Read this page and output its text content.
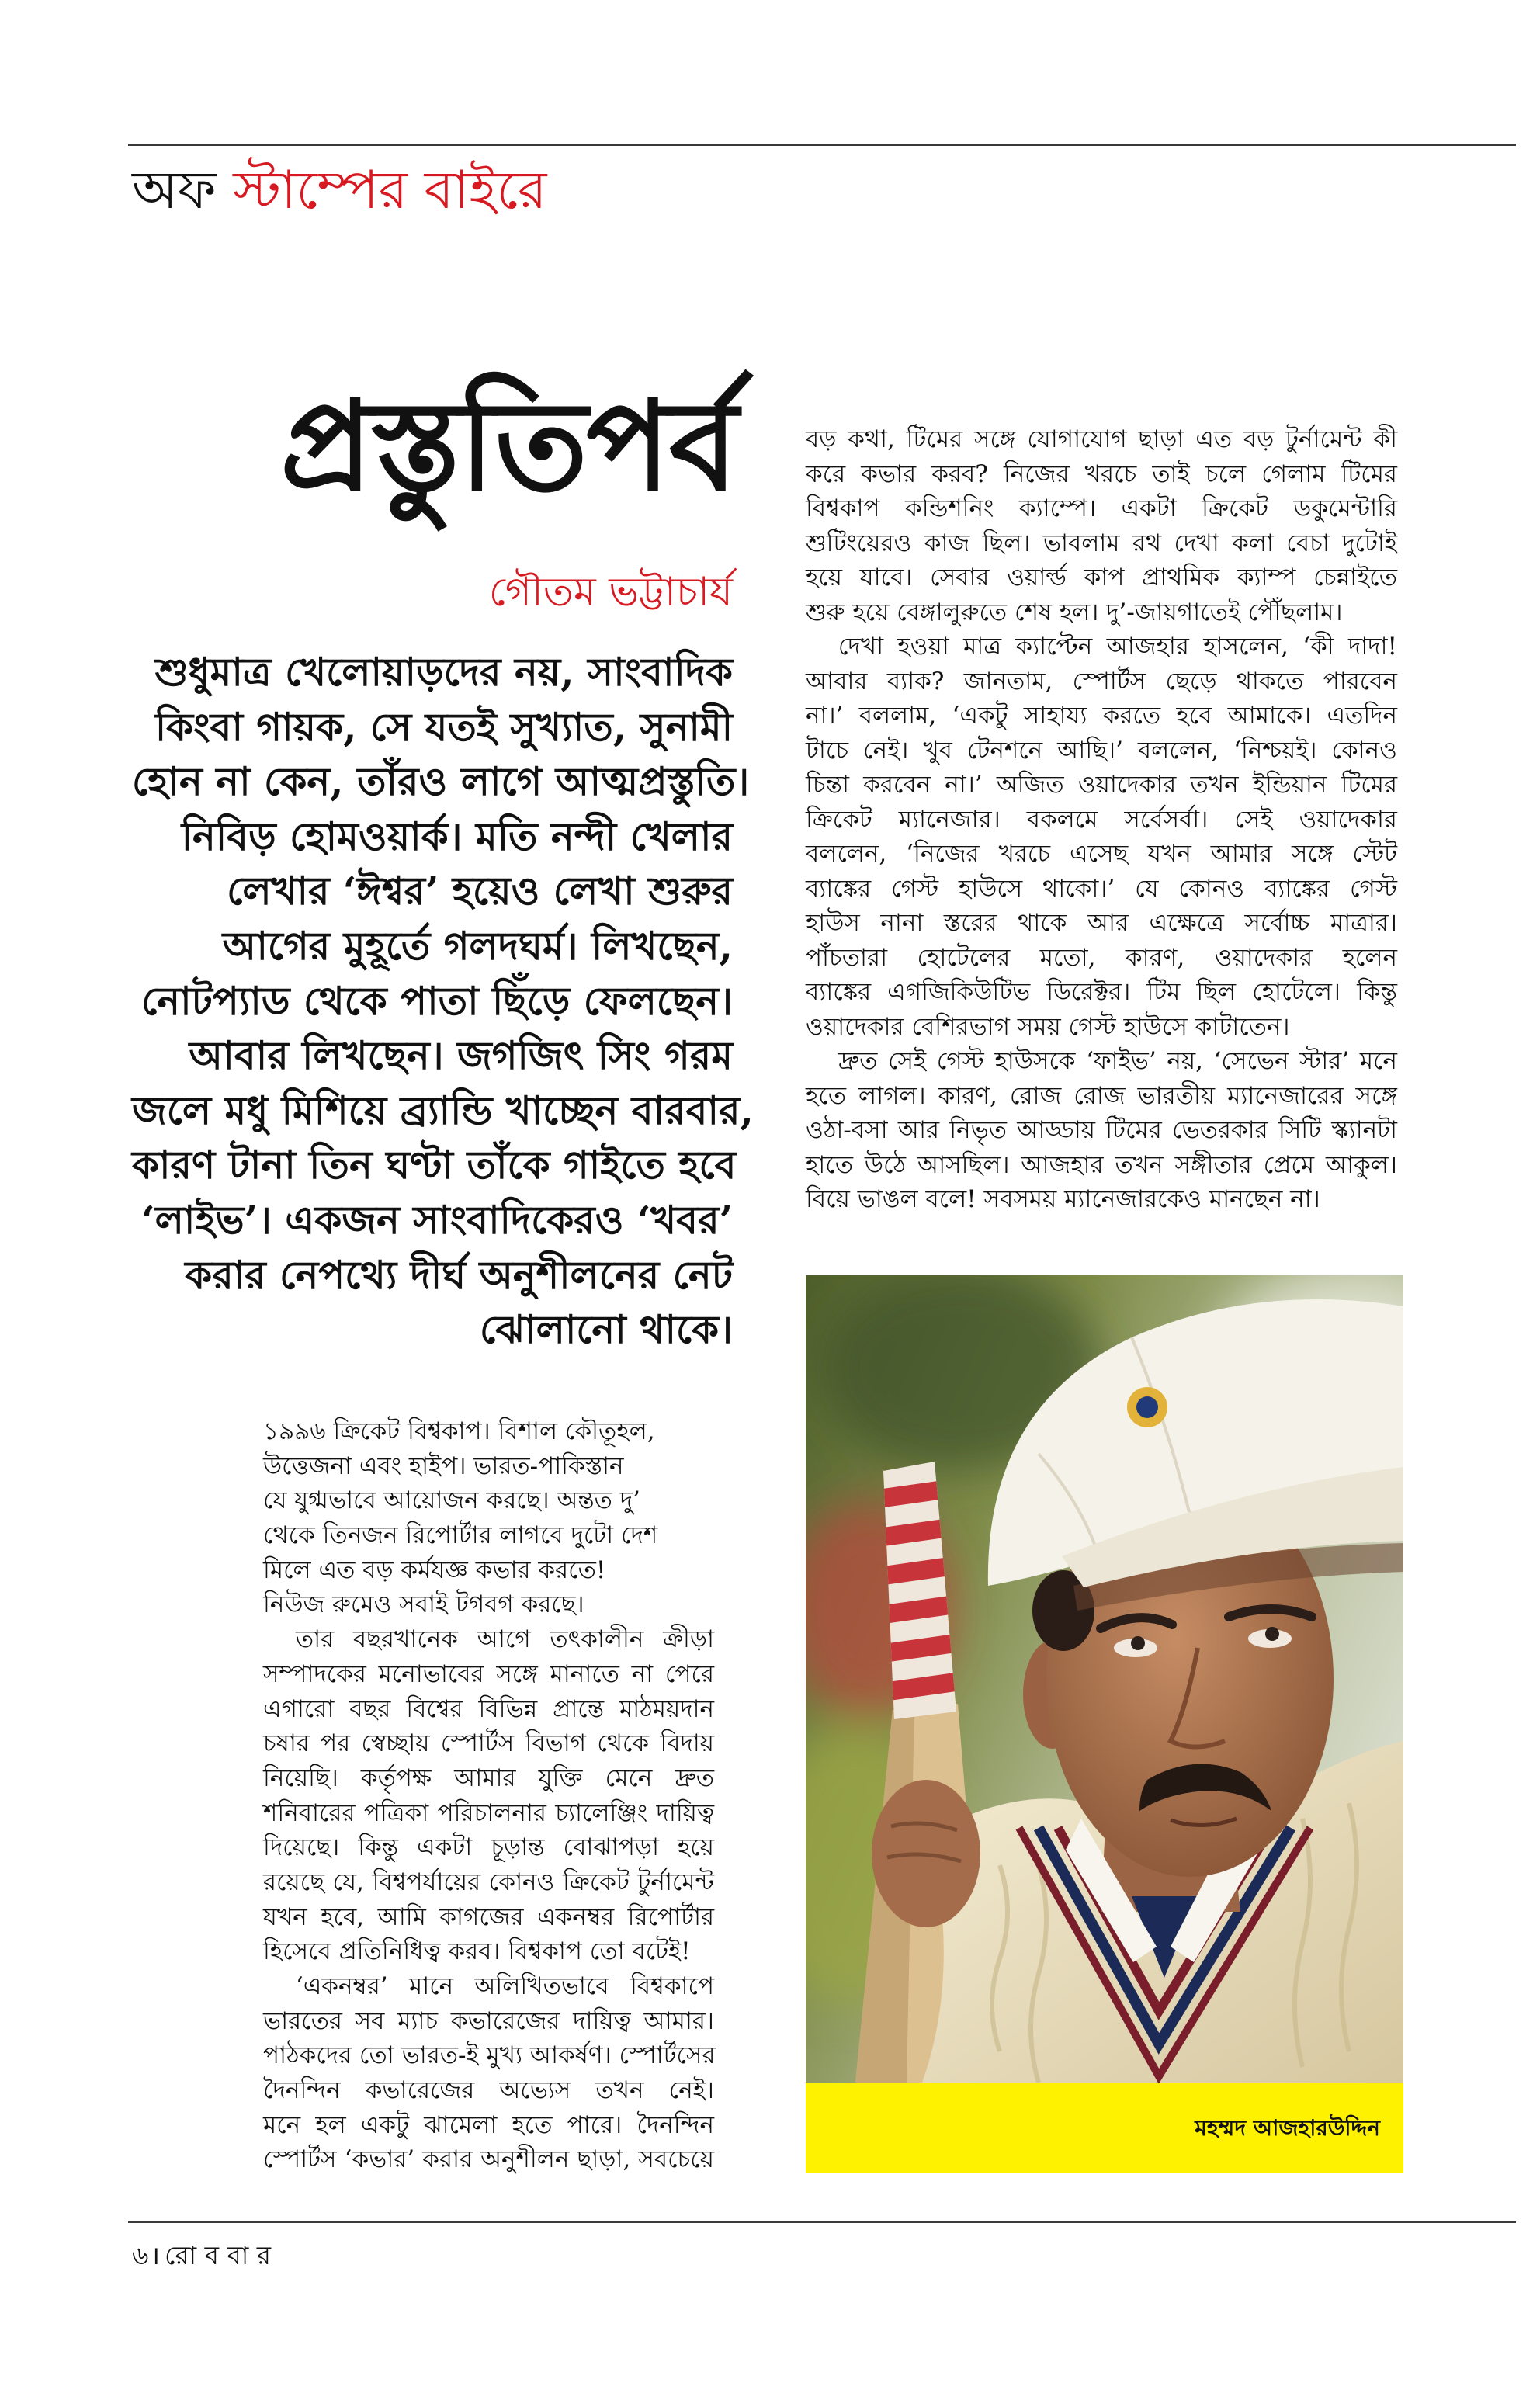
অফ স্টাম্পের বাইরে
প্রস্তুতিপর্ব
গৌতম ভট্টাচার্য
শুধুমাত্র খেলোয়াড়দের নয়, সাংবাদিক
কিংবা গায়ক, সে যতই সুখ্যাত, সুনামী
হোন না কেন, তাঁরও লাগে আত্মপ্রস্তুতি।
নিবিড় হোমওয়ার্ক। মতি নন্দী খেলার
লেখার ‘ঈশ্বর’ হয়েও লেখা শুরুর
আগের মুহূর্তে গলদঘর্ম। লিখছেন,
নোটপ্যাড থেকে পাতা ছিঁড়ে ফেলছেন।
আবার লিখছেন। জগজিৎ সিং গরম
জলে মধু মিশিয়ে ব্র্যান্ডি খাচ্ছেন বারবার,
কারণ টানা তিন ঘণ্টা তাঁকে গাইতে হবে
‘লাইভ’। একজন সাংবাদিকেরও ‘খবর’
করার নেপথ্যে দীর্ঘ অনুশীলনের নেট
ঝোলানো থাকে।
১৯৯৬ ক্রিকেট বিশ্বকাপ। বিশাল কৌতূহল,
উত্তেজনা এবং হাইপ। ভারত-পাকিস্তান
যে যুগ্মভাবে আয়োজন করছে। অন্তত দু’
থেকে তিনজন রিপোর্টার লাগবে দুটো দেশ
মিলে এত বড় কর্মযজ্ঞ কভার করতে!
নিউজ রুমেও সবাই টগবগ করছে।
তার বছরখানেক আগে তৎকালীন ক্রীড়া
সম্পাদকের মনোভাবের সঙ্গে মানাতে না পেরে
এগারো বছর বিশ্বের বিভিন্ন প্রান্তে মাঠময়দান
চষার পর স্বেচ্ছায় স্পোর্টস বিভাগ থেকে বিদায়
নিয়েছি। কর্তৃপক্ষ আমার যুক্তি মেনে দ্রুত
শনিবারের পত্রিকা পরিচালনার চ্যালেঞ্জিং দায়িত্ব
দিয়েছে। কিন্তু একটা চূড়ান্ত বোঝাপড়া হয়ে
রয়েছে যে, বিশ্বপর্যায়ের কোনও ক্রিকেট টুর্নামেন্ট
যখন হবে, আমি কাগজের একনম্বর রিপোর্টার
হিসেবে প্রতিনিধিত্ব করব। বিশ্বকাপ তো বটেই!
‘একনম্বর’ মানে অলিখিতভাবে বিশ্বকাপে
ভারতের সব ম্যাচ কভারেজের দায়িত্ব আমার।
পাঠকদের তো ভারত-ই মুখ্য আকর্ষণ। স্পোর্টসের
দৈনন্দিন কভারেজের অভ্যেস তখন নেই।
মনে হল একটু ঝামেলা হতে পারে। দৈনন্দিন
স্পোর্টস ‘কভার’ করার অনুশীলন ছাড়া, সবচেয়ে
বড় কথা, টিমের সঙ্গে যোগাযোগ ছাড়া এত বড় টুর্নামেন্ট কী
করে কভার করব? নিজের খরচে তাই চলে গেলাম টিমের
বিশ্বকাপ কন্ডিশনিং ক্যাম্পে। একটা ক্রিকেট ডকুমেন্টারি
শুটিংয়েরও কাজ ছিল। ভাবলাম রথ দেখা কলা বেচা দুটোই
হয়ে যাবে। সেবার ওয়ার্ল্ড কাপ প্রাথমিক ক্যাম্প চেন্নাইতে
শুরু হয়ে বেঙ্গালুরুতে শেষ হল। দু’-জায়গাতেই পৌঁছলাম।
দেখা হওয়া মাত্র ক্যাপ্টেন আজহার হাসলেন, ‘কী দাদা!
আবার ব্যাক? জানতাম, স্পোর্টস ছেড়ে থাকতে পারবেন
না।’ বললাম, ‘একটু সাহায্য করতে হবে আমাকে। এতদিন
টাচে নেই। খুব টেনশনে আছি।’ বললেন, ‘নিশ্চয়ই। কোনও
চিন্তা করবেন না।’ অজিত ওয়াদেকার তখন ইন্ডিয়ান টিমের
ক্রিকেট ম্যানেজার। বকলমে সর্বেসর্বা। সেই ওয়াদেকার
বললেন, ‘নিজের খরচে এসেছ যখন আমার সঙ্গে স্টেট
ব্যাঙ্কের গেস্ট হাউসে থাকো।’ যে কোনও ব্যাঙ্কের গেস্ট
হাউস নানা স্তরের থাকে আর এক্ষেত্রে সর্বোচ্চ মাত্রার।
পাঁচতারা হোটেলের মতো, কারণ, ওয়াদেকার হলেন
ব্যাঙ্কের এগজিকিউটিভ ডিরেক্টর। টিম ছিল হোটেলে। কিন্তু
ওয়াদেকার বেশিরভাগ সময় গেস্ট হাউসে কাটাতেন।
দ্রুত সেই গেস্ট হাউসকে ‘ফাইভ’ নয়, ‘সেভেন স্টার’ মনে
হতে লাগল। কারণ, রোজ রোজ ভারতীয় ম্যানেজারের সঙ্গে
ওঠা-বসা আর নিভৃত আড্ডায় টিমের ভেতরকার সিটি স্ক্যানটা
হাতে উঠে আসছিল। আজহার তখন সঙ্গীতার প্রেমে আকুল।
বিয়ে ভাঙল বলে! সবসময় ম্যানেজারকেও মানছেন না।
মহম্মদ আজহারউদ্দিন
৬। রো ব বা র
